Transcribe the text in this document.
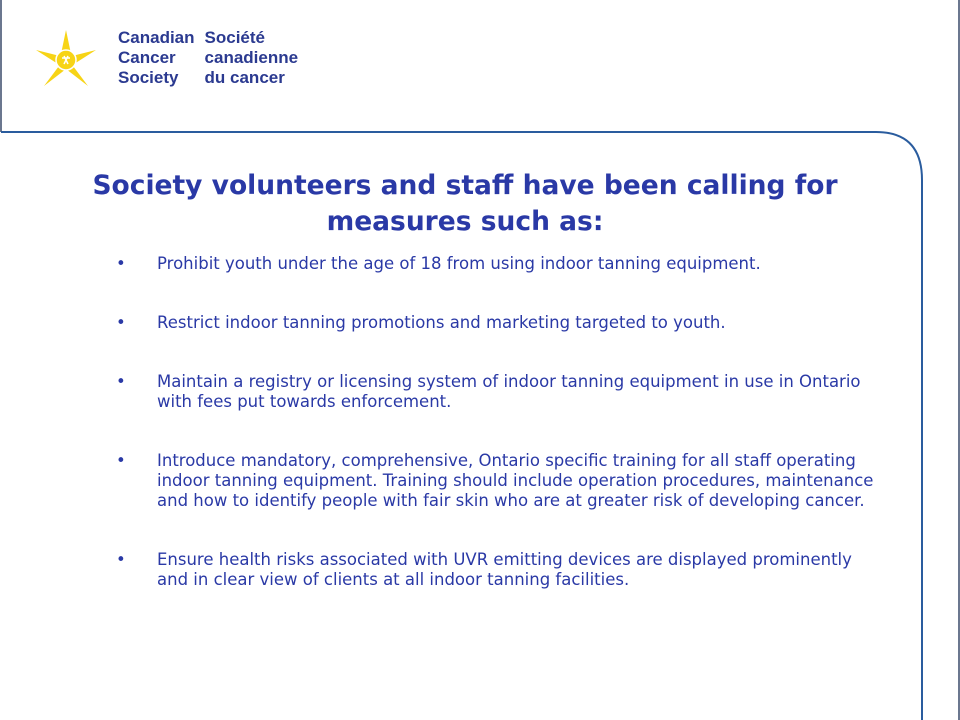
Canadian
Cancer
Society
Société
canadienne
du cancer
Society volunteers and staff have been calling for measures such as:
• Prohibit youth under the age of 18 from using indoor tanning equipment.
• Restrict indoor tanning promotions and marketing targeted to youth.
• Maintain a registry or licensing system of indoor tanning equipment in use in Ontario with fees put towards enforcement.
• Introduce mandatory, comprehensive, Ontario specific training for all staff operating indoor tanning equipment. Training should include operation procedures, maintenance and how to identify people with fair skin who are at greater risk of developing cancer.
• Ensure health risks associated with UVR emitting devices are displayed prominently and in clear view of clients at all indoor tanning facilities.
